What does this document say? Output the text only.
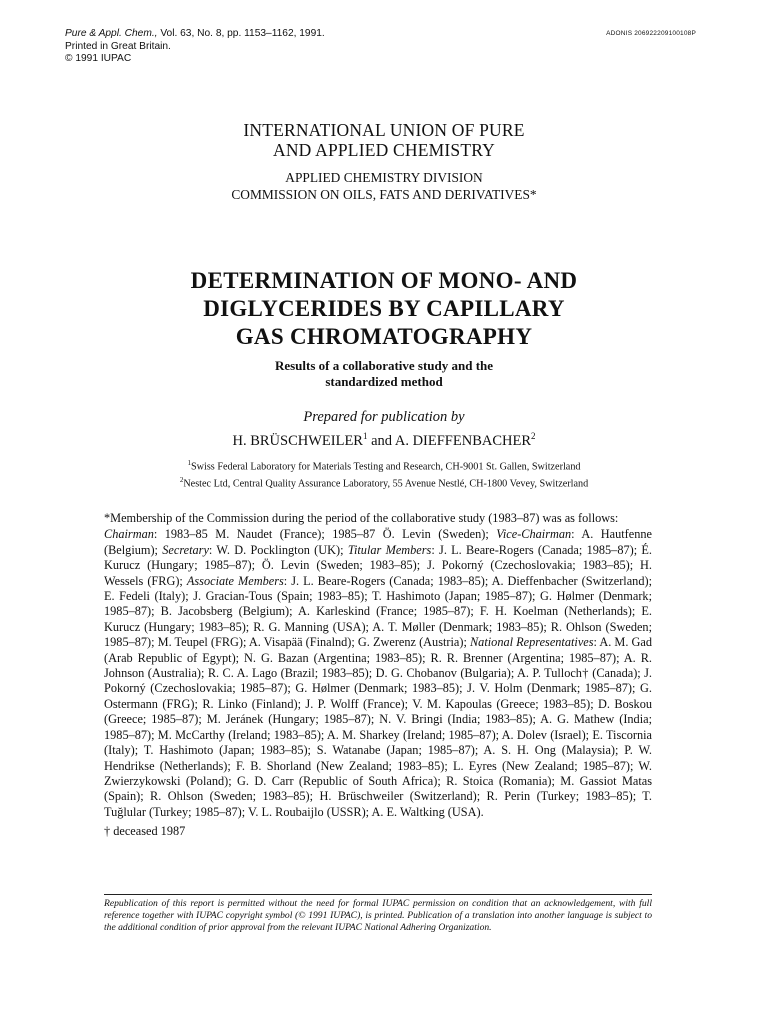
Pure & Appl. Chem., Vol. 63, No. 8, pp. 1153–1162, 1991.
Printed in Great Britain.
© 1991 IUPAC
ADONIS 206922209100108P
INTERNATIONAL UNION OF PURE
AND APPLIED CHEMISTRY
APPLIED CHEMISTRY DIVISION
COMMISSION ON OILS, FATS AND DERIVATIVES*
DETERMINATION OF MONO- AND
DIGLYCERIDES BY CAPILLARY
GAS CHROMATOGRAPHY
Results of a collaborative study and the
standardized method
Prepared for publication by
H. BRÜSCHWEILER$^1$ and A. DIEFFENBACHER$^2$
$^1$Swiss Federal Laboratory for Materials Testing and Research, CH-9001 St. Gallen, Switzerland
$^2$Nestec Ltd, Central Quality Assurance Laboratory, 55 Avenue Nestlé, CH-1800 Vevey, Switzerland

*Membership of the Commission during the period of the collaborative study (1983–87) was as follows:

Chairman: 1983–85 M. Naudet (France); 1985–87 Ö. Levin (Sweden); Vice-Chairman: A. Hautfenne (Belgium); Secretary: W. D. Pocklington (UK); Titular Members: J. L. Beare-Rogers (Canada; 1985–87); É. Kurucz (Hungary; 1985–87); Ö. Levin (Sweden; 1983–85); J. Pokorný (Czechoslovakia; 1983–85); H. Wessels (FRG); Associate Members: J. L. Beare-Rogers (Canada; 1983–85); A. Dieffenbacher (Switzerland); E. Fedeli (Italy); J. Gracian-Tous (Spain; 1983–85); T. Hashimoto (Japan; 1985–87); G. Hølmer (Denmark; 1985–87); B. Jacobsberg (Belgium); A. Karleskind (France; 1985–87); F. H. Koelman (Netherlands); E. Kurucz (Hungary; 1983–85); R. G. Manning (USA); A. T. Møller (Denmark; 1983–85); R. Ohlson (Sweden; 1985–87); M. Teupel (FRG); A. Visapää (Finalnd); G. Zwerenz (Austria); National Representatives: A. M. Gad (Arab Republic of Egypt); N. G. Bazan (Argentina; 1983–85); R. R. Brenner (Argentina; 1985–87); A. R. Johnson (Australia); R. C. A. Lago (Brazil; 1983–85); D. G. Chobanov (Bulgaria); A. P. Tulloch† (Canada); J. Pokorný (Czechoslovakia; 1985–87); G. Hølmer (Denmark; 1983–85); J. V. Holm (Denmark; 1985–87); G. Ostermann (FRG); R. Linko (Finland); J. P. Wolff (France); V. M. Kapoulas (Greece; 1983–85); D. Boskou (Greece; 1985–87); M. Jeránek (Hungary; 1985–87); N. V. Bringi (India; 1983–85); A. G. Mathew (India; 1985–87); M. McCarthy (Ireland; 1983–85); A. M. Sharkey (Ireland; 1985–87); A. Dolev (Israel); E. Tiscornia (Italy); T. Hashimoto (Japan; 1983–85); S. Watanabe (Japan; 1985–87); A. S. H. Ong (Malaysia); P. W. Hendrikse (Netherlands); F. B. Shorland (New Zealand; 1983–85); L. Eyres (New Zealand; 1985–87); W. Zwierzykowski (Poland); G. D. Carr (Republic of South Africa); R. Stoica (Romania); M. Gassiot Matas (Spain); R. Ohlson (Sweden; 1983–85); H. Brüschweiler (Switzerland); R. Perin (Turkey; 1983–85); T. Tuğlular (Turkey; 1985–87); V. L. Roubaijlo (USSR); A. E. Waltking (USA).

† deceased 1987

Republication of this report is permitted without the need for formal IUPAC permission on condition that an acknowledgement, with full reference together with IUPAC copyright symbol (© 1991 IUPAC), is printed. Publication of a translation into another language is subject to the additional condition of prior approval from the relevant IUPAC National Adhering Organization.
